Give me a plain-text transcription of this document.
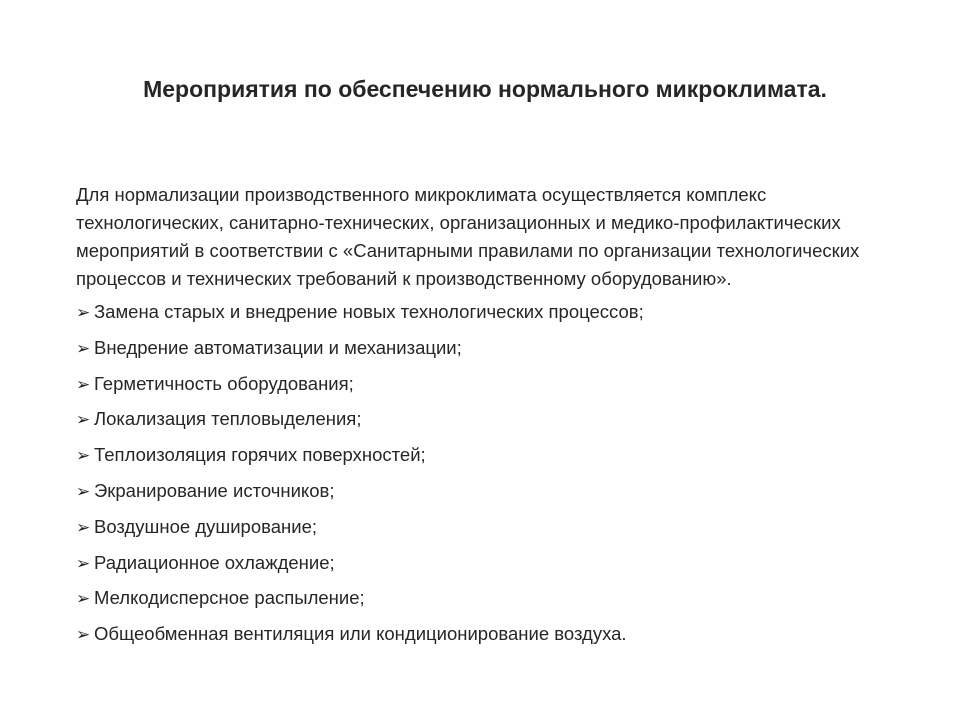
Мероприятия по обеспечению нормального микроклимата.

Для нормализации производственного микроклимата осуществляется комплекс технологических, санитарно-технических, организационных и медико-профилактических мероприятий в соответствии с «Санитарными правилами по организации технологических процессов и технических требований к производственному оборудованию».

➢ Замена старых и внедрение новых технологических процессов;
➢ Внедрение автоматизации и механизации;
➢ Герметичность оборудования;
➢ Локализация тепловыделения;
➢ Теплоизоляция горячих поверхностей;
➢ Экранирование источников;
➢ Воздушное душирование;
➢ Радиационное охлаждение;
➢ Мелкодисперсное распыление;
➢ Общеобменная вентиляция или кондиционирование воздуха.
